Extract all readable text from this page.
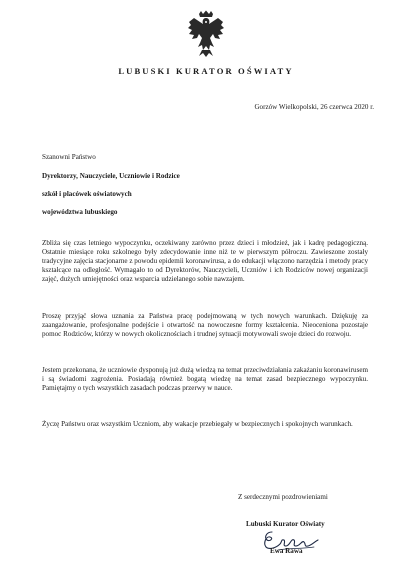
LUBUSKI KURATOR OŚWIATY
Gorzów Wielkopolski, 26 czerwca 2020 r.
Szanowni Państwo
Dyrektorzy, Nauczyciele, Uczniowie i Rodzice
szkół i placówek oświatowych
województwa lubuskiego

Zbliża się czas letniego wypoczynku, oczekiwany zarówno przez dzieci i młodzież, jak i kadrę pedagogiczną. Ostatnie miesiące roku szkolnego były zdecydowanie inne niż te w pierwszym półroczu. Zawieszone zostały tradycyjne zajęcia stacjonarne z powodu epidemii koronawirusa, a do edukacji włączono narzędzia i metody pracy kształcące na odległość. Wymagało to od Dyrektorów, Nauczycieli, Uczniów i ich Rodziców nowej organizacji zajęć, dużych umiejętności oraz wsparcia udzielanego sobie nawzajem.

Proszę przyjąć słowa uznania za Państwa pracę podejmowaną w tych nowych warunkach. Dziękuję za zaangażowanie, profesjonalne podejście i otwartość na nowoczesne formy kształcenia. Nieoceniona pozostaje pomoc Rodziców, którzy w nowych okolicznościach i trudnej sytuacji motywowali swoje dzieci do rozwoju.

Jestem przekonana, że uczniowie dysponują już dużą wiedzą na temat przeciwdziałania zakażaniu koronawirusem i są świadomi zagrożenia. Posiadają również bogatą wiedzę na temat zasad bezpiecznego wypoczynku. Pamiętajmy o tych wszystkich zasadach podczas przerwy w nauce.

Życzę Państwu oraz wszystkim Uczniom, aby wakacje przebiegały w bezpiecznych i spokojnych warunkach.

Z serdecznymi pozdrowieniami
Lubuski Kurator Oświaty
Ewa Rawa
